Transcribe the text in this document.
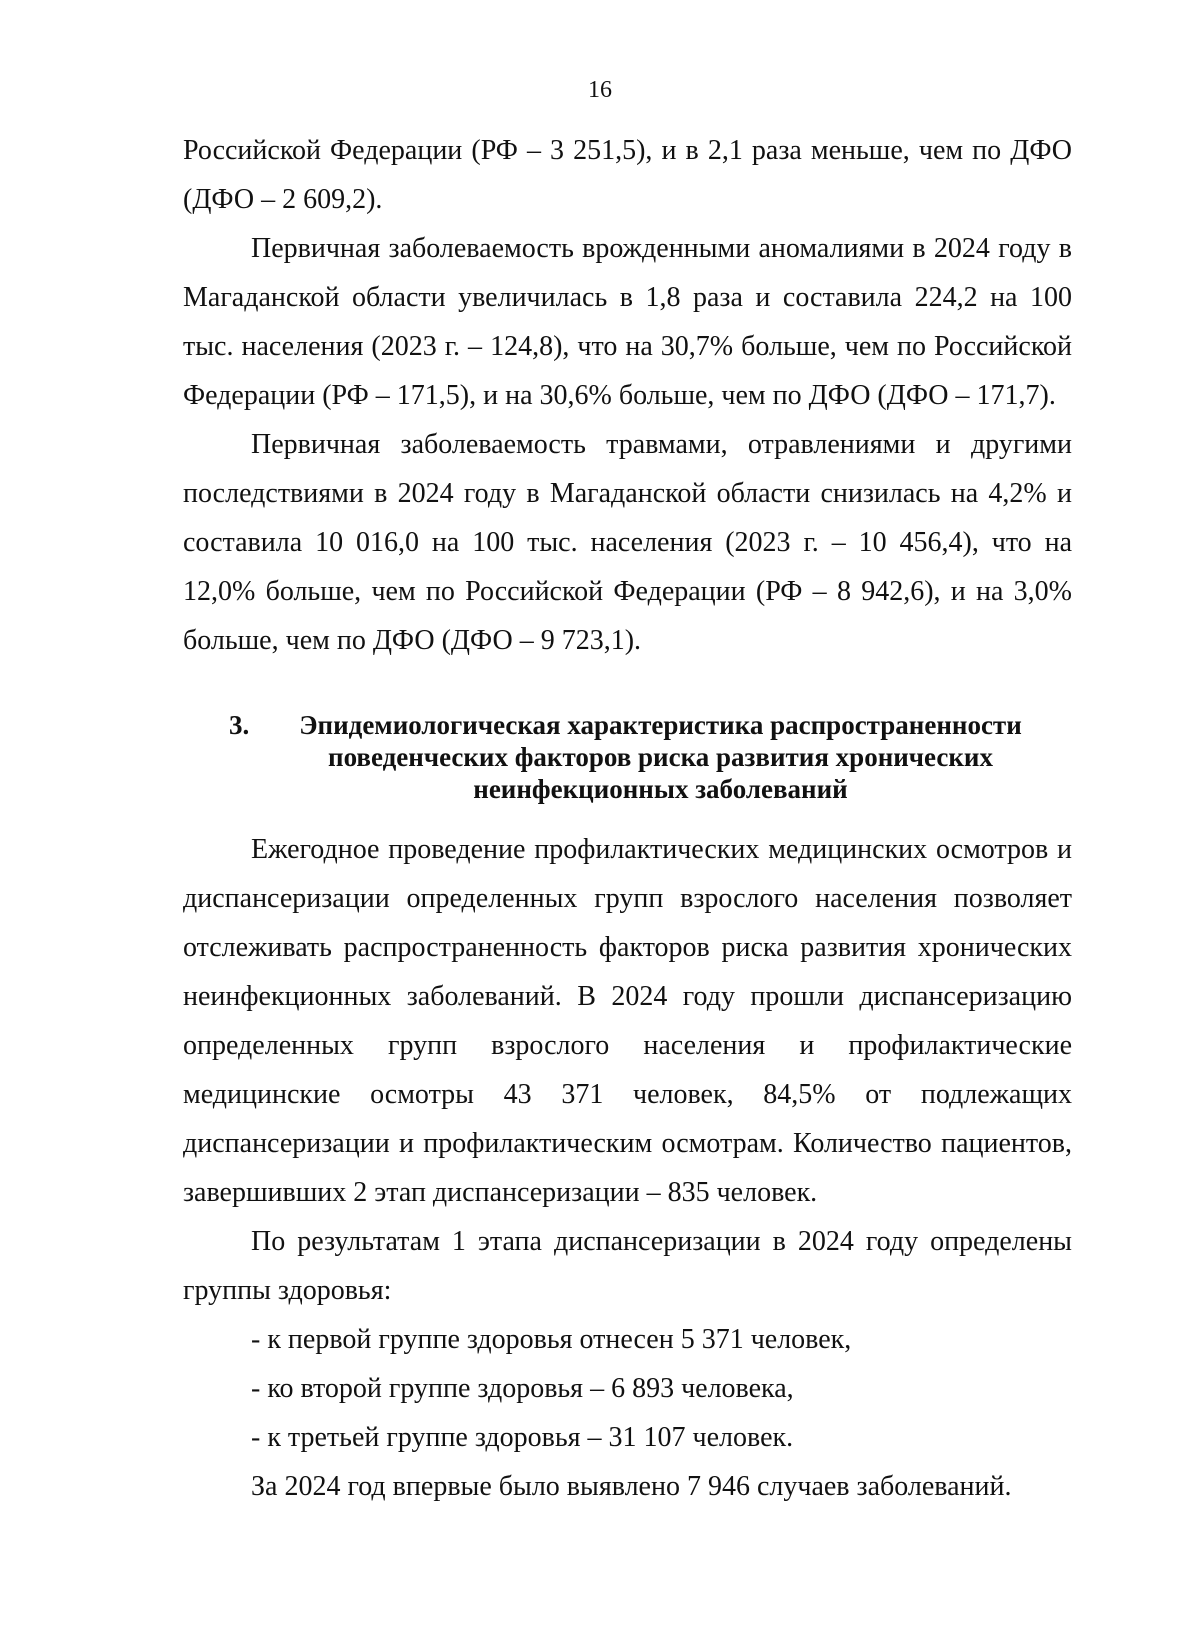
16

Российской Федерации (РФ – 3 251,5), и в 2,1 раза меньше, чем по ДФО (ДФО – 2 609,2).

Первичная заболеваемость врожденными аномалиями в 2024 году в Магаданской области увеличилась в 1,8 раза и составила 224,2 на 100 тыс. населения (2023 г. – 124,8), что на 30,7% больше, чем по Российской Федерации (РФ – 171,5), и на 30,6% больше, чем по ДФО (ДФО – 171,7).

Первичная заболеваемость травмами, отравлениями и другими последствиями в 2024 году в Магаданской области снизилась на 4,2% и составила 10 016,0 на 100 тыс. населения (2023 г. – 10 456,4), что на 12,0% больше, чем по Российской Федерации (РФ – 8 942,6), и на 3,0% больше, чем по ДФО (ДФО – 9 723,1).

3.	Эпидемиологическая характеристика распространенности поведенческих факторов риска развития хронических неинфекционных заболеваний

Ежегодное проведение профилактических медицинских осмотров и диспансеризации определенных групп взрослого населения позволяет отслеживать распространенность факторов риска развития хронических неинфекционных заболеваний. В 2024 году прошли диспансеризацию определенных групп взрослого населения и профилактические медицинские осмотры 43 371 человек, 84,5% от подлежащих диспансеризации и профилактическим осмотрам. Количество пациентов, завершивших 2 этап диспансеризации – 835 человек.

По результатам 1 этапа диспансеризации в 2024 году определены группы здоровья:

- к первой группе здоровья отнесен 5 371 человек,
- ко второй группе здоровья – 6 893 человека,
- к третьей группе здоровья – 31 107 человек.

За 2024 год впервые было выявлено 7 946 случаев заболеваний.
